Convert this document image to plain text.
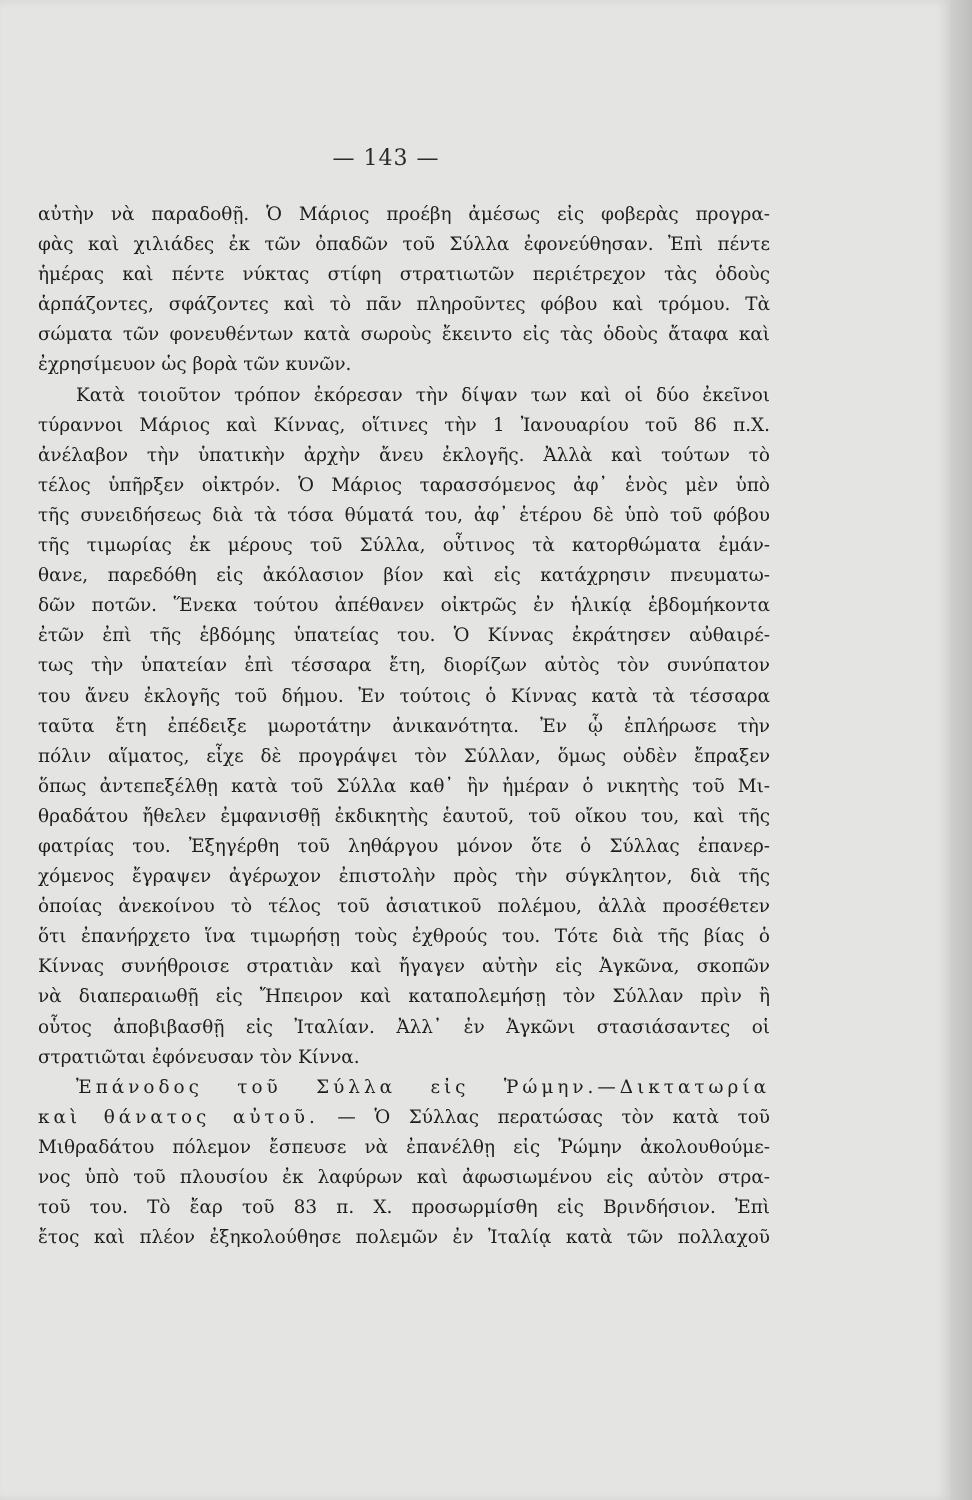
— 143 —
αὐτὴν νὰ παραδοθῇ. Ὁ Μάριος προέβη ἀμέσως εἰς φοβερὰς προγρα-
φὰς καὶ χιλιάδες ἐκ τῶν ὀπαδῶν τοῦ Σύλλα ἐφονεύθησαν. Ἐπὶ πέντε
ἡμέρας καὶ πέντε νύκτας στίφη στρατιωτῶν περιέτρεχον τὰς ὁδοὺς
ἁρπάζοντες, σφάζοντες καὶ τὸ πᾶν πληροῦντες φόβου καὶ τρόμου. Τὰ
σώματα τῶν φονευθέντων κατὰ σωροὺς ἔκειντο εἰς τὰς ὁδοὺς ἄταφα καὶ
ἐχρησίμευον ὡς βορὰ τῶν κυνῶν.
Κατὰ τοιοῦτον τρόπον ἐκόρεσαν τὴν δίψαν των καὶ οἱ δύο ἐκεῖνοι
τύραννοι Μάριος καὶ Κίννας, οἵτινες τὴν 1 Ἰανουαρίου τοῦ 86 π.Χ.
ἀνέλαβον τὴν ὑπατικὴν ἀρχὴν ἄνευ ἐκλογῆς. Ἀλλὰ καὶ τούτων τὸ
τέλος ὑπῆρξεν οἰκτρόν. Ὁ Μάριος ταρασσόμενος ἀφ᾽ ἑνὸς μὲν ὑπὸ
τῆς συνειδήσεως διὰ τὰ τόσα θύματά του, ἀφ᾽ ἑτέρου δὲ ὑπὸ τοῦ φόβου
τῆς τιμωρίας ἐκ μέρους τοῦ Σύλλα, οὗτινος τὰ κατορθώματα ἐμάν-
θανε, παρεδόθη εἰς ἀκόλασιον βίον καὶ εἰς κατάχρησιν πνευματω-
δῶν ποτῶν. Ἕνεκα τούτου ἀπέθανεν οἰκτρῶς ἐν ἡλικίᾳ ἑβδομήκοντα
ἐτῶν ἐπὶ τῆς ἑβδόμης ὑπατείας του. Ὁ Κίννας ἐκράτησεν αὐθαιρέ-
τως τὴν ὑπατείαν ἐπὶ τέσσαρα ἔτη, διορίζων αὐτὸς τὸν συνύπατον
του ἄνευ ἐκλογῆς τοῦ δήμου. Ἐν τούτοις ὁ Κίννας κατὰ τὰ τέσσαρα
ταῦτα ἔτη ἐπέδειξε μωροτάτην ἀνικανότητα. Ἐν ᾧ ἐπλήρωσε τὴν
πόλιν αἵματος, εἶχε δὲ προγράψει τὸν Σύλλαν, ὅμως οὐδὲν ἔπραξεν
ὅπως ἀντεπεξέλθῃ κατὰ τοῦ Σύλλα καθ᾽ ἣν ἡμέραν ὁ νικητὴς τοῦ Μι-
θραδάτου ἤθελεν ἐμφανισθῇ ἐκδικητὴς ἑαυτοῦ, τοῦ οἴκου του, καὶ τῆς
φατρίας του. Ἐξηγέρθη τοῦ ληθάργου μόνον ὅτε ὁ Σύλλας ἐπανερ-
χόμενος ἔγραψεν ἀγέρωχον ἐπιστολὴν πρὸς τὴν σύγκλητον, διὰ τῆς
ὁποίας ἀνεκοίνου τὸ τέλος τοῦ ἀσιατικοῦ πολέμου, ἀλλὰ προσέθετεν
ὅτι ἐπανήρχετο ἵνα τιμωρήσῃ τοὺς ἐχθρούς του. Τότε διὰ τῆς βίας ὁ
Κίννας συνήθροισε στρατιὰν καὶ ἤγαγεν αὐτὴν εἰς Ἀγκῶνα, σκοπῶν
νὰ διαπεραιωθῇ εἰς Ἤπειρον καὶ καταπολεμήσῃ τὸν Σύλλαν πρὶν ἢ
οὗτος ἀποβιβασθῇ εἰς Ἰταλίαν. Ἀλλ᾽ ἐν Ἀγκῶνι στασιάσαντες οἱ
στρατιῶται ἐφόνευσαν τὸν Κίννα.
Ἐπάνοδος τοῦ Σύλλα εἰς Ῥώμην.—Δικτατωρία
καὶ θάνατος αὐτοῦ. — Ὁ Σύλλας περατώσας τὸν κατὰ τοῦ
Μιθραδάτου πόλεμον ἔσπευσε νὰ ἐπανέλθῃ εἰς Ῥώμην ἀκολουθούμε-
νος ὑπὸ τοῦ πλουσίου ἐκ λαφύρων καὶ ἀφωσιωμένου εἰς αὐτὸν στρα-
τοῦ του. Τὸ ἔαρ τοῦ 83 π. Χ. προσωρμίσθη εἰς Βρινδήσιον. Ἐπὶ
ἔτος καὶ πλέον ἐξηκολούθησε πολεμῶν ἐν Ἰταλίᾳ κατὰ τῶν πολλαχοῦ
